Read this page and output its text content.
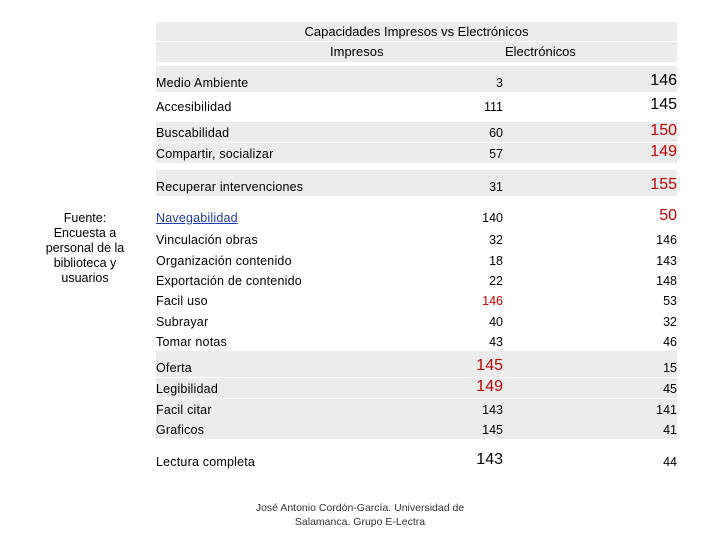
Capacidades Impresos vs Electrónicos
Impresos	Electrónicos
Medio Ambiente	3	146
Accesibilidad	111	145
Buscabilidad	60	150
Compartir, socializar	57	149
Recuperar intervenciones	31	155
Navegabilidad	140	50
Vinculación obras	32	146
Organización contenido	18	143
Exportación de contenido	22	148
Facil uso	146	53
Subrayar	40	32
Tomar notas	43	46
Oferta	145	15
Legibilidad	149	45
Facil citar	143	141
Graficos	145	41
Lectura completa	143	44
Fuente: Encuesta a personal de la biblioteca y usuarios
José Antonio Cordón-García. Universidad de Salamanca. Grupo E-Lectra
